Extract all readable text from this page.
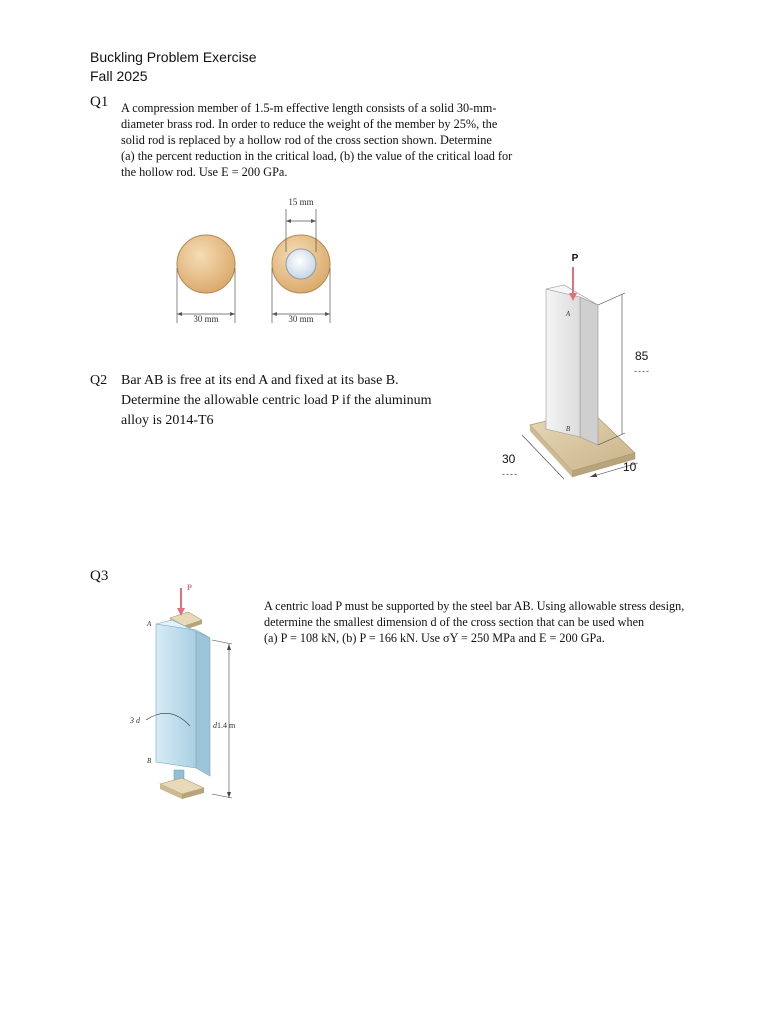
Buckling Problem Exercise
Fall 2025
Q1 A compression member of 1.5-m effective length consists of a solid 30-mm-
diameter brass rod. In order to reduce the weight of the member by 25%, the
solid rod is replaced by a hollow rod of the cross section shown. Determine
(a) the percent reduction in the critical load, (b) the value of the critical load for
the hollow rod. Use E = 200 GPa.
15 mm
30 mm	30 mm
Q2 Bar AB is free at its end A and fixed at its base B.
Determine the allowable centric load P if the aluminum
alloy is 2014-T6
P
A
B
85
----
30
----	10
Q3
A centric load P must be supported by the steel bar AB. Using allowable stress design,
determine the smallest dimension d of the cross section that can be used when
(a) P = 108 kN, (b) P = 166 kN. Use σY = 250 MPa and E = 200 GPa.
P
A
B
3 d
d 1.4 m
